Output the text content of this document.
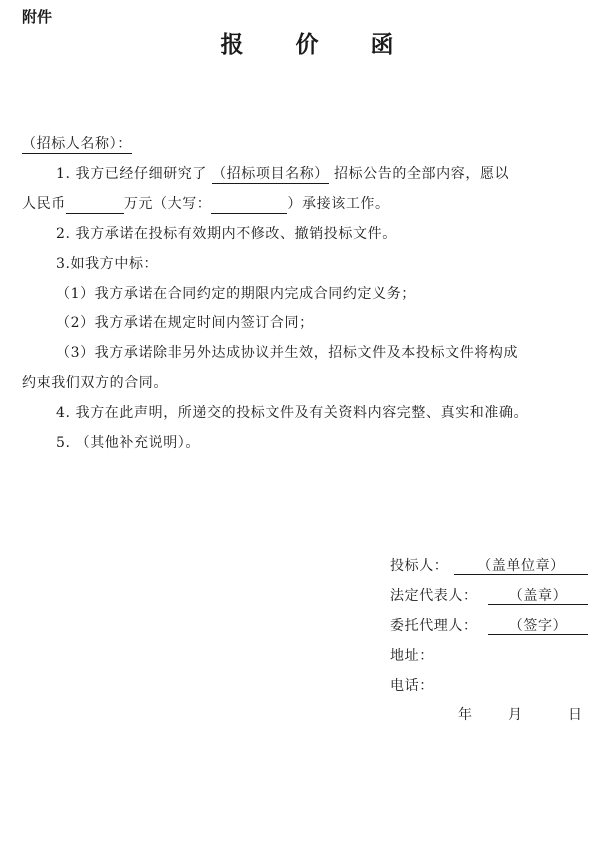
附件
报 价 函
（招标人名称）：
1. 我方已经仔细研究了 （招标项目名称） 招标公告的全部内容，愿以
人民币	万元（大写：	）承接该工作。
2. 我方承诺在投标有效期内不修改、撤销投标文件。
3.如我方中标：
（1）我方承诺在合同约定的期限内完成合同约定义务；
（2）我方承诺在规定时间内签订合同；
（3）我方承诺除非另外达成协议并生效，招标文件及本投标文件将构成
约束我们双方的合同。
4. 我方在此声明，所递交的投标文件及有关资料内容完整、真实和准确。
5. （其他补充说明）。
投标人：	（盖单位章）
法定代表人：	（盖章）
委托代理人：	（签字）
地址：
电话：
年	月	日
